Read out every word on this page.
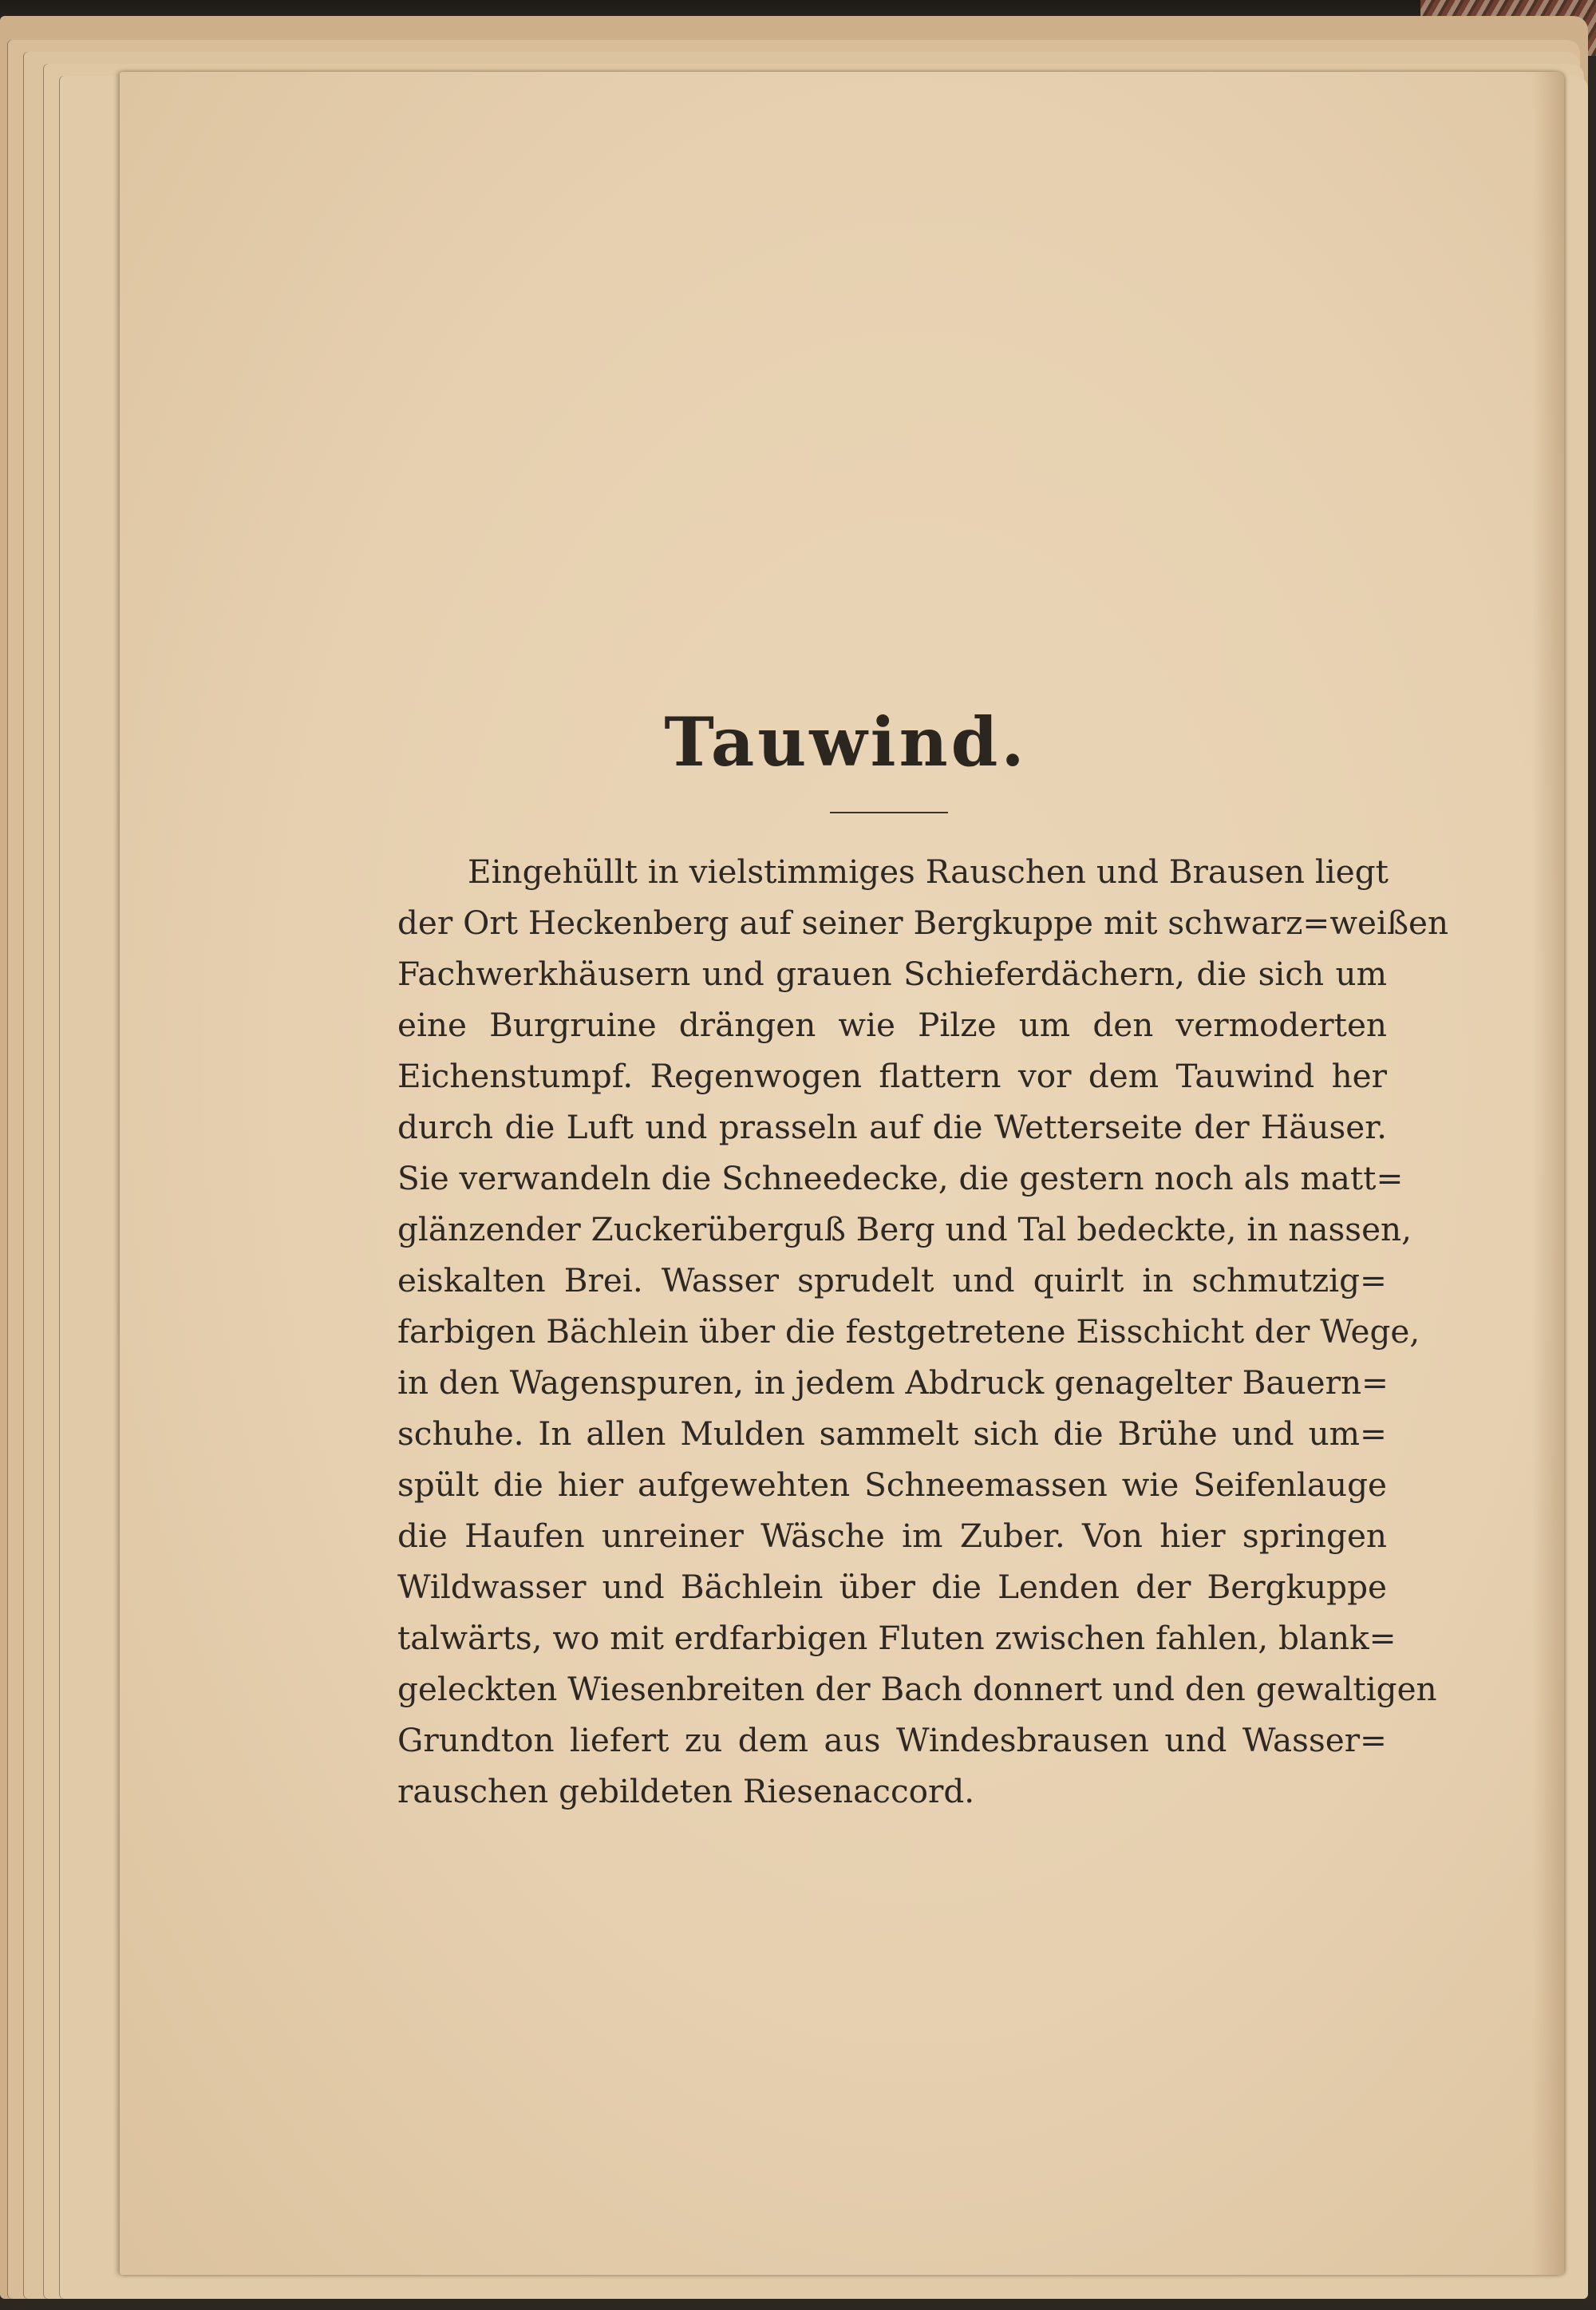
Tauwind.
Eingehüllt in vielstimmiges Rauschen und Brausen liegt
der Ort Heckenberg auf seiner Bergkuppe mit schwarz=weißen
Fachwerkhäusern und grauen Schieferdächern, die sich um
eine Burgruine drängen wie Pilze um den vermoderten
Eichenstumpf. Regenwogen flattern vor dem Tauwind her
durch die Luft und prasseln auf die Wetterseite der Häuser.
Sie verwandeln die Schneedecke, die gestern noch als matt=
glänzender Zuckerüberguß Berg und Tal bedeckte, in nassen,
eiskalten Brei. Wasser sprudelt und quirlt in schmutzig=
farbigen Bächlein über die festgetretene Eisschicht der Wege,
in den Wagenspuren, in jedem Abdruck genagelter Bauern=
schuhe. In allen Mulden sammelt sich die Brühe und um=
spült die hier aufgewehten Schneemassen wie Seifenlauge
die Haufen unreiner Wäsche im Zuber. Von hier springen
Wildwasser und Bächlein über die Lenden der Bergkuppe
talwärts, wo mit erdfarbigen Fluten zwischen fahlen, blank=
geleckten Wiesenbreiten der Bach donnert und den gewaltigen
Grundton liefert zu dem aus Windesbrausen und Wasser=
rauschen gebildeten Riesenaccord.
